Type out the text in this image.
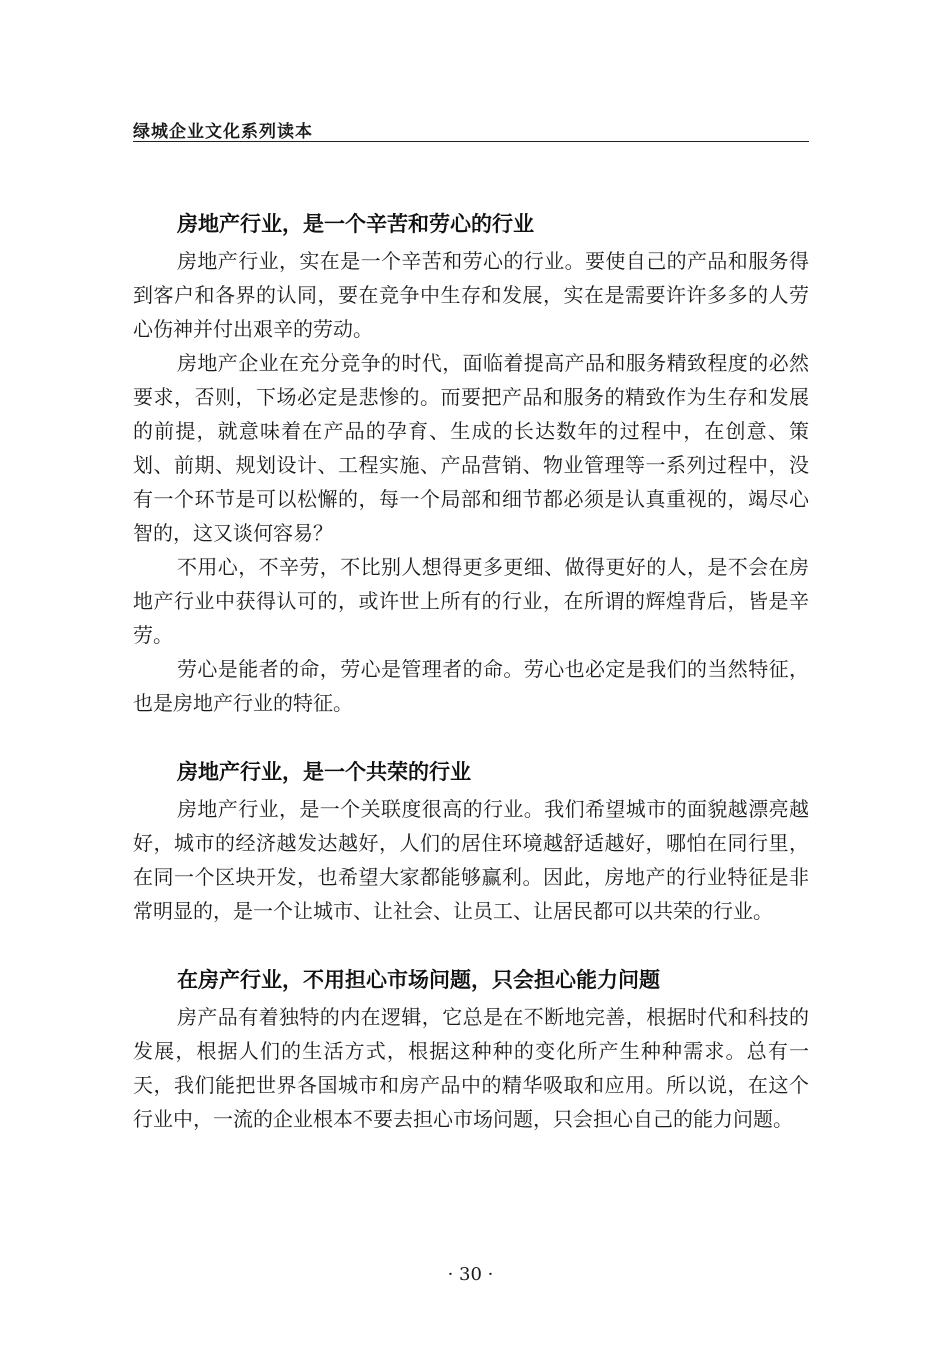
绿城企业文化系列读本
房地产行业，是一个辛苦和劳心的行业

房地产行业，实在是一个辛苦和劳心的行业。要使自己的产品和服务得到客户和各界的认同，要在竞争中生存和发展，实在是需要许许多多的人劳心伤神并付出艰辛的劳动。

房地产企业在充分竞争的时代，面临着提高产品和服务精致程度的必然要求，否则，下场必定是悲惨的。而要把产品和服务的精致作为生存和发展的前提，就意味着在产品的孕育、生成的长达数年的过程中，在创意、策划、前期、规划设计、工程实施、产品营销、物业管理等一系列过程中，没有一个环节是可以松懈的，每一个局部和细节都必须是认真重视的，竭尽心智的，这又谈何容易？

不用心，不辛劳，不比别人想得更多更细、做得更好的人，是不会在房地产行业中获得认可的，或许世上所有的行业，在所谓的辉煌背后，皆是辛劳。

劳心是能者的命，劳心是管理者的命。劳心也必定是我们的当然特征，也是房地产行业的特征。

房地产行业，是一个共荣的行业

房地产行业，是一个关联度很高的行业。我们希望城市的面貌越漂亮越好，城市的经济越发达越好，人们的居住环境越舒适越好，哪怕在同行里，在同一个区块开发，也希望大家都能够赢利。因此，房地产的行业特征是非常明显的，是一个让城市、让社会、让员工、让居民都可以共荣的行业。

在房产行业，不用担心市场问题，只会担心能力问题

房产品有着独特的内在逻辑，它总是在不断地完善，根据时代和科技的发展，根据人们的生活方式，根据这种种的变化所产生种种需求。总有一天，我们能把世界各国城市和房产品中的精华吸取和应用。所以说，在这个行业中，一流的企业根本不要去担心市场问题，只会担心自己的能力问题。

· 30 ·
